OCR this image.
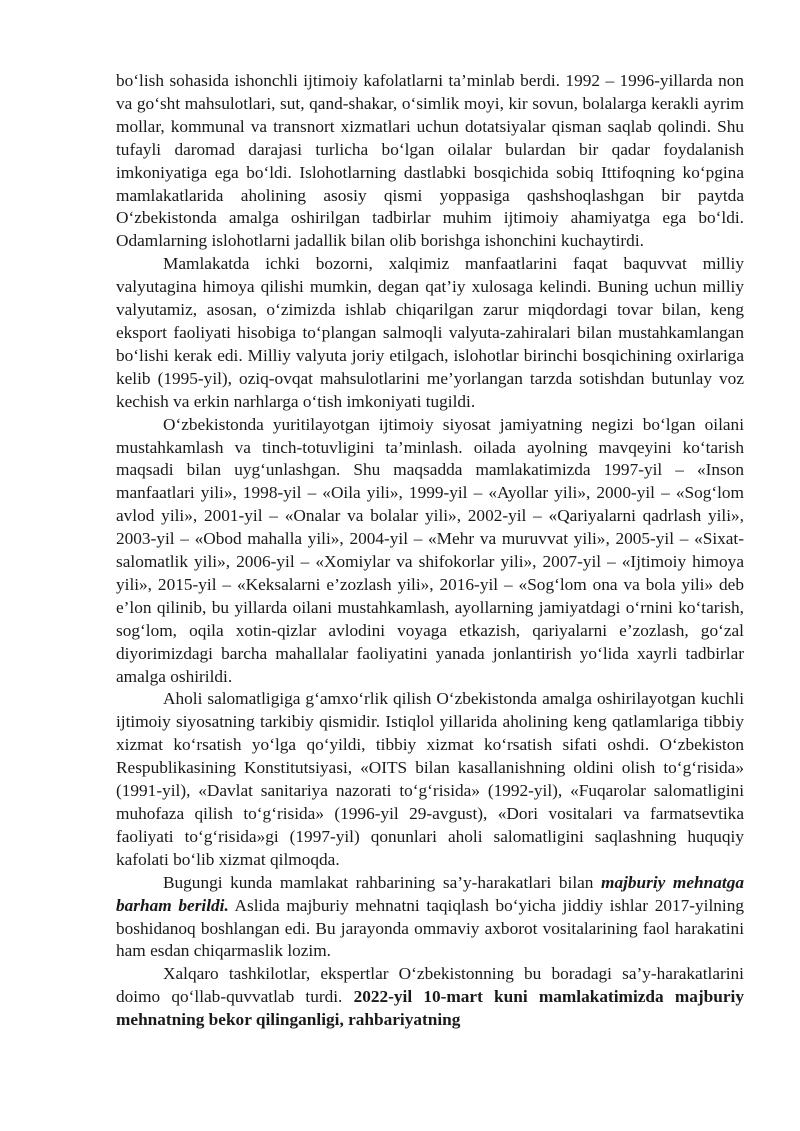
bo‘lish sohasida ishonchli ijtimoiy kafolatlarni ta’minlab berdi. 1992 – 1996-yillarda non va go‘sht mahsulotlari, sut, qand-shakar, o‘simlik moyi, kir sovun, bolalarga kerakli ayrim mollar, kommunal va transnort xizmatlari uchun dotatsiyalar qisman saqlab qolindi. Shu tufayli daromad darajasi turlicha bo‘lgan oilalar bulardan bir qadar foydalanish imkoniyatiga ega bo‘ldi. Islohotlarning dastlabki bosqichida sobiq Ittifoqning ko‘pgina mamlakatlarida aholining asosiy qismi yoppasiga qashshoqlashgan bir paytda O‘zbekistonda amalga oshirilgan tadbirlar muhim ijtimoiy ahamiyatga ega bo‘ldi. Odamlarning islohotlarni jadallik bilan olib borishga ishonchini kuchaytirdi.

Mamlakatda ichki bozorni, xalqimiz manfaatlarini faqat baquvvat milliy valyutagina himoya qilishi mumkin, degan qat’iy xulosaga kelindi. Buning uchun milliy valyutamiz, asosan, o‘zimizda ishlab chiqarilgan zarur miqdordagi tovar bilan, keng eksport faoliyati hisobiga to‘plangan salmoqli valyuta-zahiralari bilan mustahkamlangan bo‘lishi kerak edi. Milliy valyuta joriy etilgach, islohotlar birinchi bosqichining oxirlariga kelib (1995-yil), oziq-ovqat mahsulotlarini me’yorlangan tarzda sotishdan butunlay voz kechish va erkin narhlarga o‘tish imkoniyati tugildi.

O‘zbekistonda yuritilayotgan ijtimoiy siyosat jamiyatning negizi bo‘lgan oilani mustahkamlash va tinch-totuvligini ta’minlash. oilada ayolning mavqeyini ko‘tarish maqsadi bilan uyg‘unlashgan. Shu maqsadda mamlakatimizda 1997-yil – «Inson manfaatlari yili», 1998-yil – «Oila yili», 1999-yil – «Ayollar yili», 2000-yil – «Sog‘lom avlod yili», 2001-yil – «Onalar va bolalar yili», 2002-yil – «Qariyalarni qadrlash yili», 2003-yil – «Obod mahalla yili», 2004-yil – «Mehr va muruvvat yili», 2005-yil – «Sixat-salomatlik yili», 2006-yil – «Xomiylar va shifokorlar yili», 2007-yil – «Ijtimoiy himoya yili», 2015-yil – «Keksalarni e’zozlash yili», 2016-yil – «Sog‘lom ona va bola yili» deb e’lon qilinib, bu yillarda oilani mustahkamlash, ayollarning jamiyatdagi o‘rnini ko‘tarish, sog‘lom, oqila xotin-qizlar avlodini voyaga etkazish, qariyalarni e’zozlash, go‘zal diyorimizdagi barcha mahallalar faoliyatini yanada jonlantirish yo‘lida xayrli tadbirlar amalga oshirildi.

Aholi salomatligiga g‘amxo‘rlik qilish O‘zbekistonda amalga oshirilayotgan kuchli ijtimoiy siyosatning tarkibiy qismidir. Istiqlol yillarida aholining keng qatlamlariga tibbiy xizmat ko‘rsatish yo‘lga qo‘yildi, tibbiy xizmat ko‘rsatish sifati oshdi. O‘zbekiston Respublikasining Konstitutsiyasi, «OITS bilan kasallanishning oldini olish to‘g‘risida» (1991-yil), «Davlat sanitariya nazorati to‘g‘risida» (1992-yil), «Fuqarolar salomatligini muhofaza qilish to‘g‘risida» (1996-yil 29-avgust), «Dori vositalari va farmatsevtika faoliyati to‘g‘risida»gi (1997-yil) qonunlari aholi salomatligini saqlashning huquqiy kafolati bo‘lib xizmat qilmoqda.

Bugungi kunda mamlakat rahbarining sa’y-harakatlari bilan majburiy mehnatga barham berildi. Aslida majburiy mehnatni taqiqlash bo‘yicha jiddiy ishlar 2017-yilning boshidanoq boshlangan edi. Bu jarayonda ommaviy axborot vositalarining faol harakatini ham esdan chiqarmaslik lozim.

Xalqaro tashkilotlar, ekspertlar O‘zbekistonning bu boradagi sa’y-harakatlarini doimo qo‘llab-quvvatlab turdi. 2022-yil 10-mart kuni mamlakatimizda majburiy mehnatning bekor qilinganligi, rahbariyatning
